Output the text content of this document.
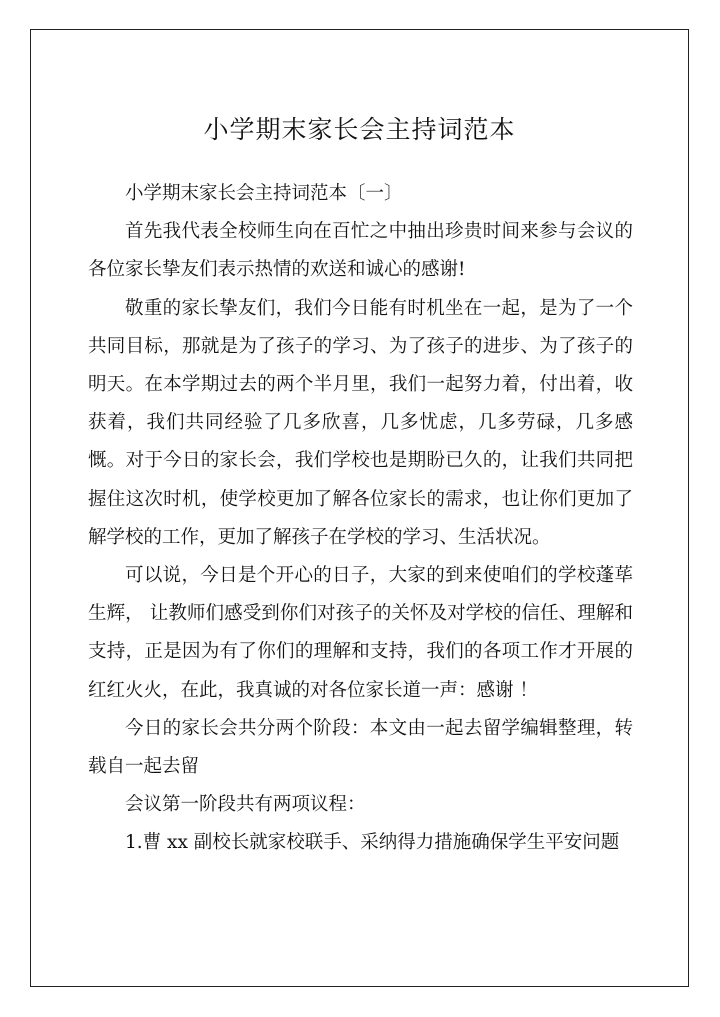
小学期末家长会主持词范本

小学期末家长会主持词范本〔一〕

首先我代表全校师生向在百忙之中抽出珍贵时间来参与会议的各位家长挚友们表示热情的欢送和诚心的感谢!

敬重的家长挚友们，我们今日能有时机坐在一起，是为了一个共同目标，那就是为了孩子的学习、为了孩子的进步、为了孩子的明天。在本学期过去的两个半月里，我们一起努力着，付出着，收获着，我们共同经验了几多欣喜，几多忧虑，几多劳碌，几多感慨。对于今日的家长会，我们学校也是期盼已久的，让我们共同把握住这次时机，使学校更加了解各位家长的需求，也让你们更加了解学校的工作，更加了解孩子在学校的学习、生活状况。

可以说，今日是个开心的日子，大家的到来使咱们的学校蓬荜生辉， 让教师们感受到你们对孩子的关怀及对学校的信任、理解和支持，正是因为有了你们的理解和支持，我们的各项工作才开展的红红火火，在此，我真诚的对各位家长道一声：感谢 ！

今日的家长会共分两个阶段：本文由一起去留学编辑整理，转载自一起去留

会议第一阶段共有两项议程：

1.曹 xx 副校长就家校联手、采纳得力措施确保学生平安问题
